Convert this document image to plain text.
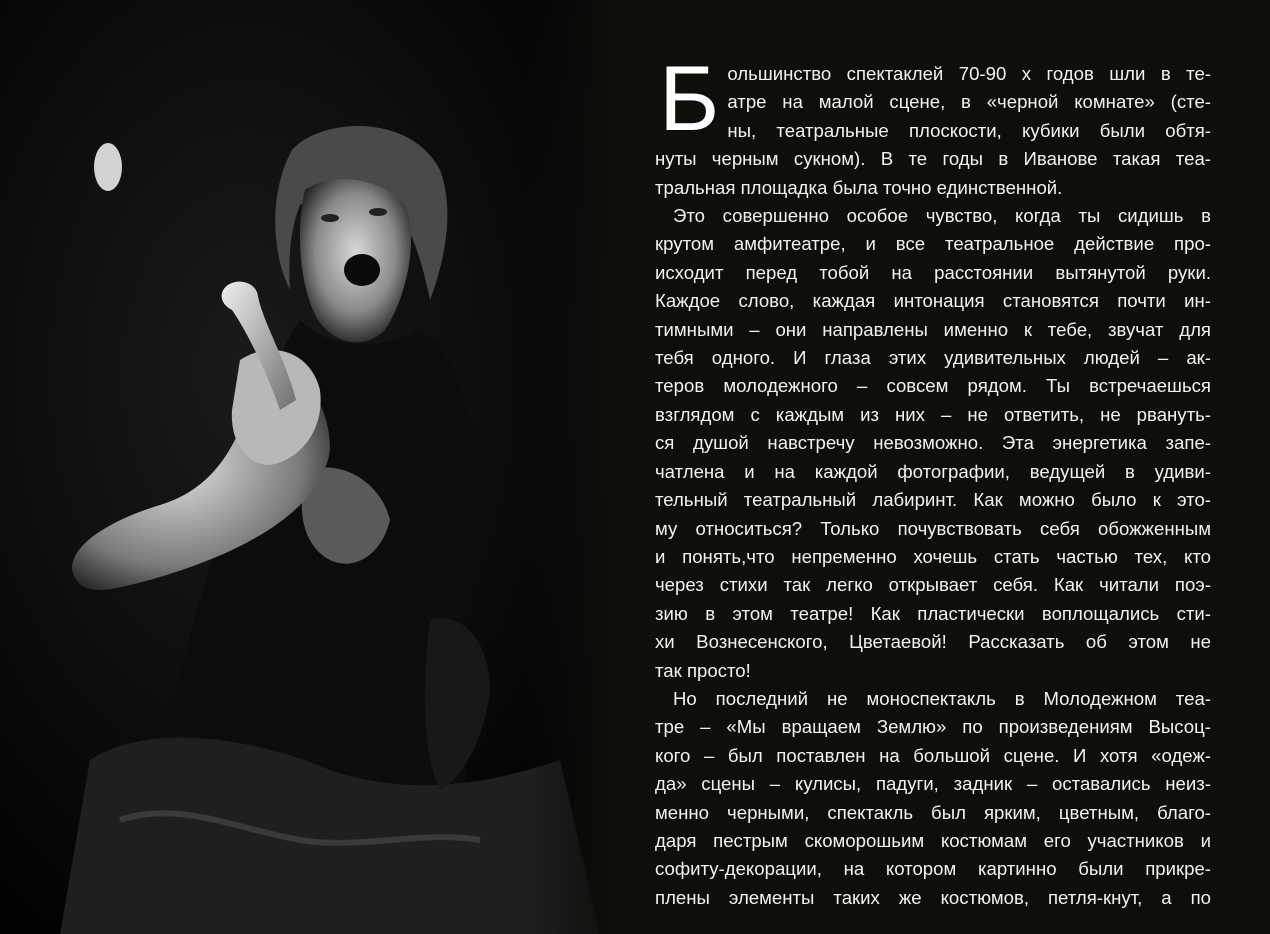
Б ольшинство спектаклей 70-90 х годов шли в те-
атре на малой сцене, в «черной комнате» (сте-
ны, театральные плоскости, кубики были обтя-
нуты черным сукном). В те годы в Иванове такая теа-
тральная площадка была точно единственной.
Это совершенно особое чувство, когда ты сидишь в
крутом амфитеатре, и все театральное действие про-
исходит перед тобой на расстоянии вытянутой руки.
Каждое слово, каждая интонация становятся почти ин-
тимными – они направлены именно к тебе, звучат для
тебя одного. И глаза этих удивительных людей – ак-
теров молодежного – совсем рядом. Ты встречаешься
взглядом с каждым из них – не ответить, не рвануть-
ся душой навстречу невозможно. Эта энергетика запе-
чатлена и на каждой фотографии, ведущей в удиви-
тельный театральный лабиринт. Как можно было к это-
му относиться? Только почувствовать себя обожженным
и понять,что непременно хочешь стать частью тех, кто
через стихи так легко открывает себя. Как читали поэ-
зию в этом театре! Как пластически воплощались сти-
хи Вознесенского, Цветаевой! Рассказать об этом не
так просто!
Но последний не моноспектакль в Молодежном теа-
тре – «Мы вращаем Землю» по произведениям Высоц-
кого – был поставлен на большой сцене. И хотя «одеж-
да» сцены – кулисы, падуги, задник – оставались неиз-
менно черными, спектакль был ярким, цветным, благо-
даря пестрым скоморошьим костюмам его участников и
софиту-декорации, на котором картинно были прикре-
плены элементы таких же костюмов, петля-кнут, а по
